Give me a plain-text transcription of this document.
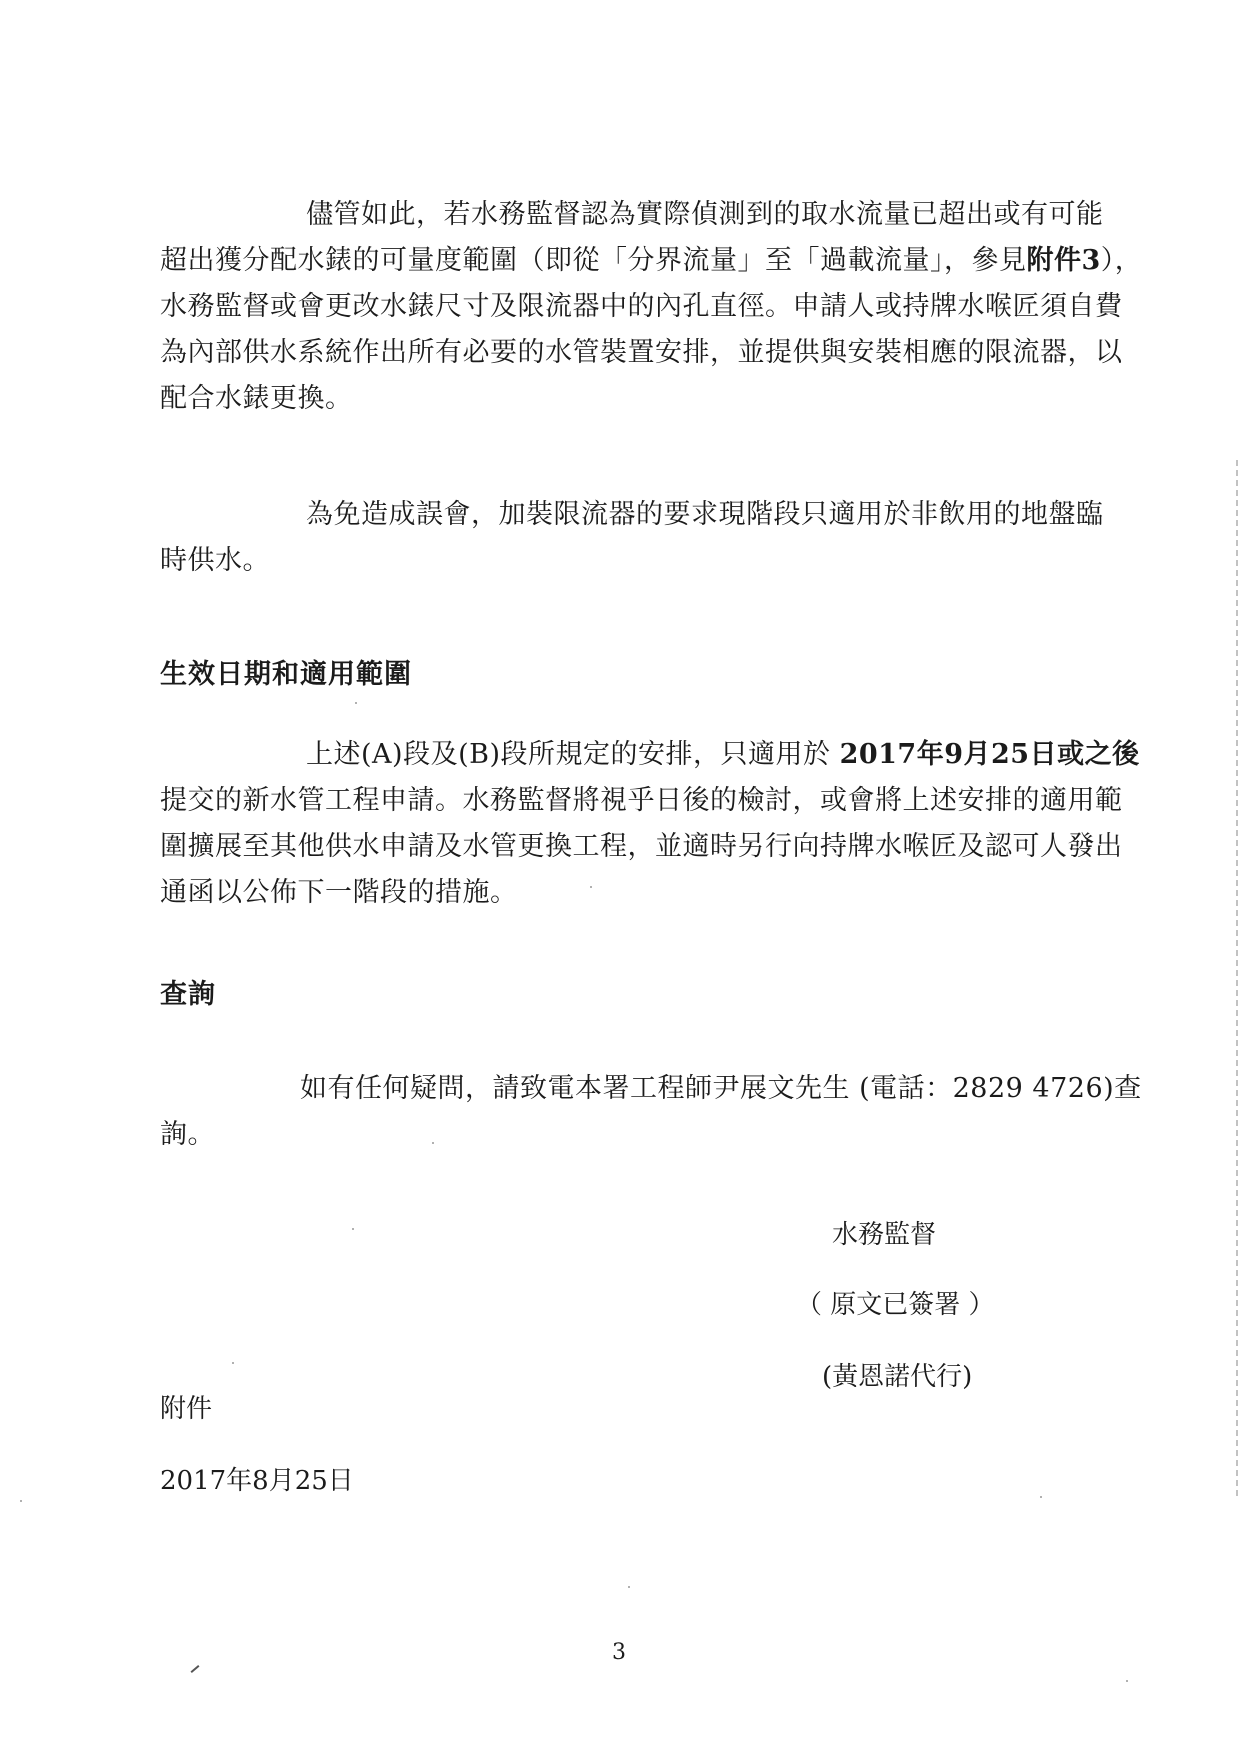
儘管如此，若水務監督認為實際偵測到的取水流量已超出或有可能
超出獲分配水錶的可量度範圍（即從「分界流量」至「過載流量」，參見附件3），
水務監督或會更改水錶尺寸及限流器中的內孔直徑。申請人或持牌水喉匠須自費
為內部供水系統作出所有必要的水管裝置安排，並提供與安裝相應的限流器，以
配合水錶更換。

為免造成誤會，加裝限流器的要求現階段只適用於非飲用的地盤臨
時供水。

生效日期和適用範圍

上述(A)段及(B)段所規定的安排，只適用於 2017年9月25日或之後
提交的新水管工程申請。水務監督將視乎日後的檢討，或會將上述安排的適用範
圍擴展至其他供水申請及水管更換工程，並適時另行向持牌水喉匠及認可人發出
通函以公佈下一階段的措施。

查詢

如有任何疑問，請致電本署工程師尹展文先生 (電話：2829 4726)查
詢。

水務監督
（ 原文已簽署 ）
(黃恩諾代行)
附件
2017年8月25日
3
